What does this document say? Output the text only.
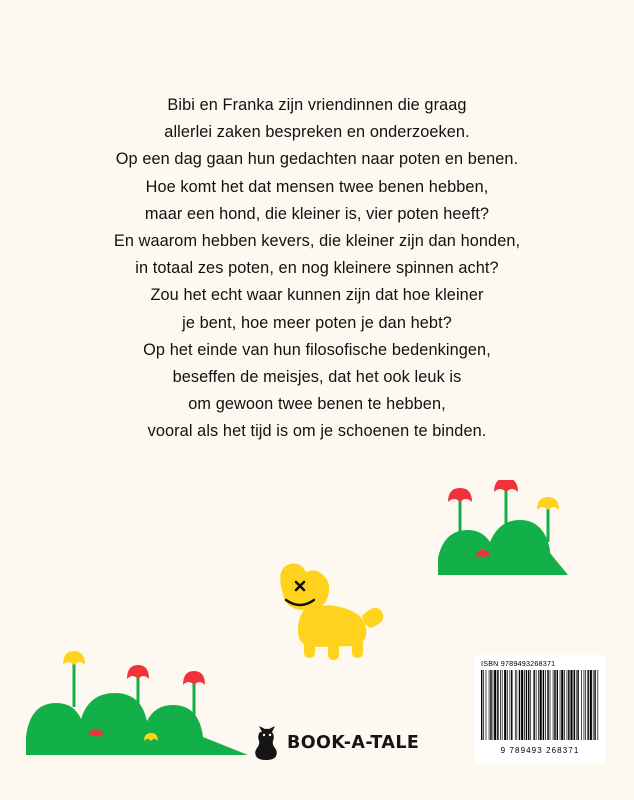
Bibi en Franka zijn vriendinnen die graag
allerlei zaken bespreken en onderzoeken.
Op een dag gaan hun gedachten naar poten en benen.
Hoe komt het dat mensen twee benen hebben,
maar een hond, die kleiner is, vier poten heeft?
En waarom hebben kevers, die kleiner zijn dan honden,
in totaal zes poten, en nog kleinere spinnen acht?
Zou het echt waar kunnen zijn dat hoe kleiner
je bent, hoe meer poten je dan hebt?
Op het einde van hun filosofische bedenkingen,
beseffen de meisjes, dat het ook leuk is
om gewoon twee benen te hebben,
vooral als het tijd is om je schoenen te binden.
BOOK-A-TALE
ISBN 9789493268371
9 789493 268371
